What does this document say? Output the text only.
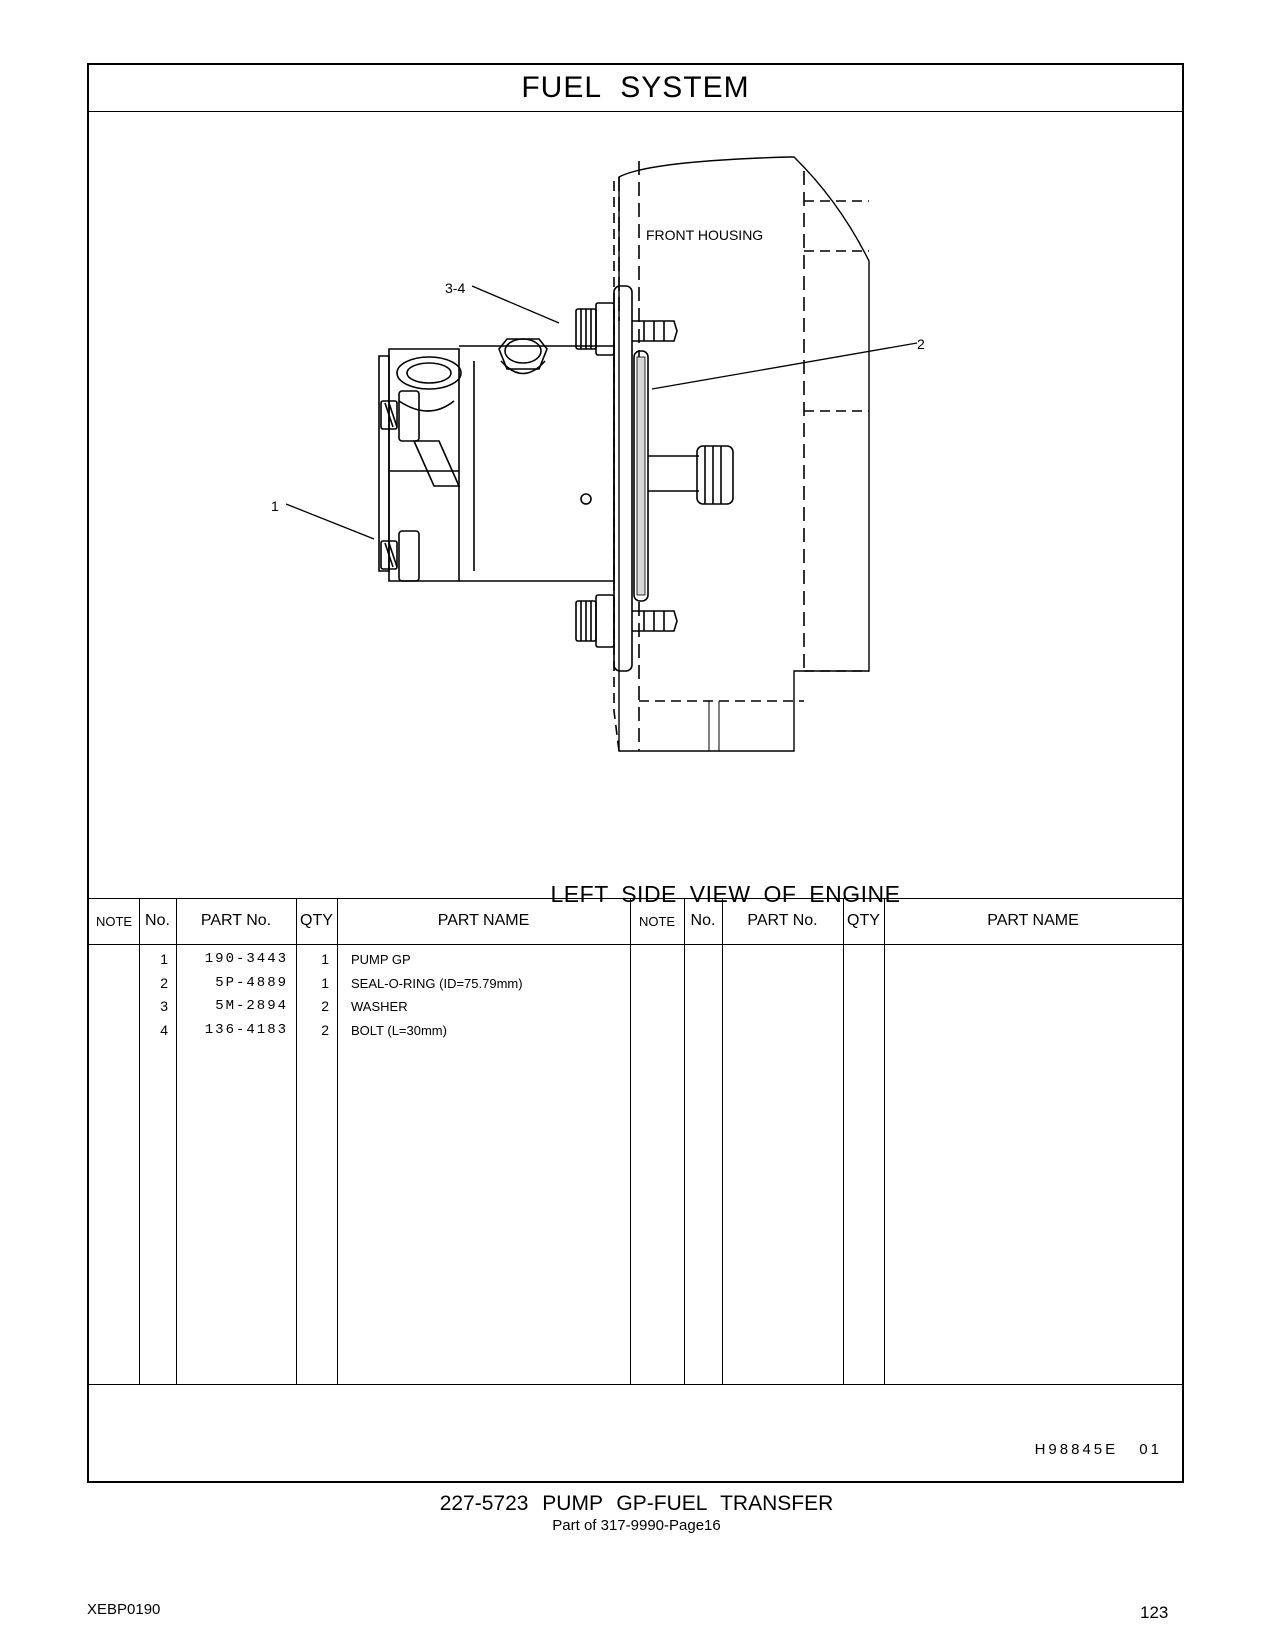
FUEL SYSTEM
FRONT HOUSING
3-4
2
1
LEFT SIDE VIEW OF ENGINE
NOTE No.	PART No.	QTY	PART NAME	NOTE No.	PART No.	QTY	PART NAME
1	190-3443	1 PUMP GP
2	5P-4889	1 SEAL-O-RING (ID=75.79mm)
3	5M-2894	2 WASHER
4	136-4183	2 BOLT (L=30mm)
H98845E 01
227-5723 PUMP GP-FUEL TRANSFER
Part of 317-9990-Page16
XEBP0190	123
